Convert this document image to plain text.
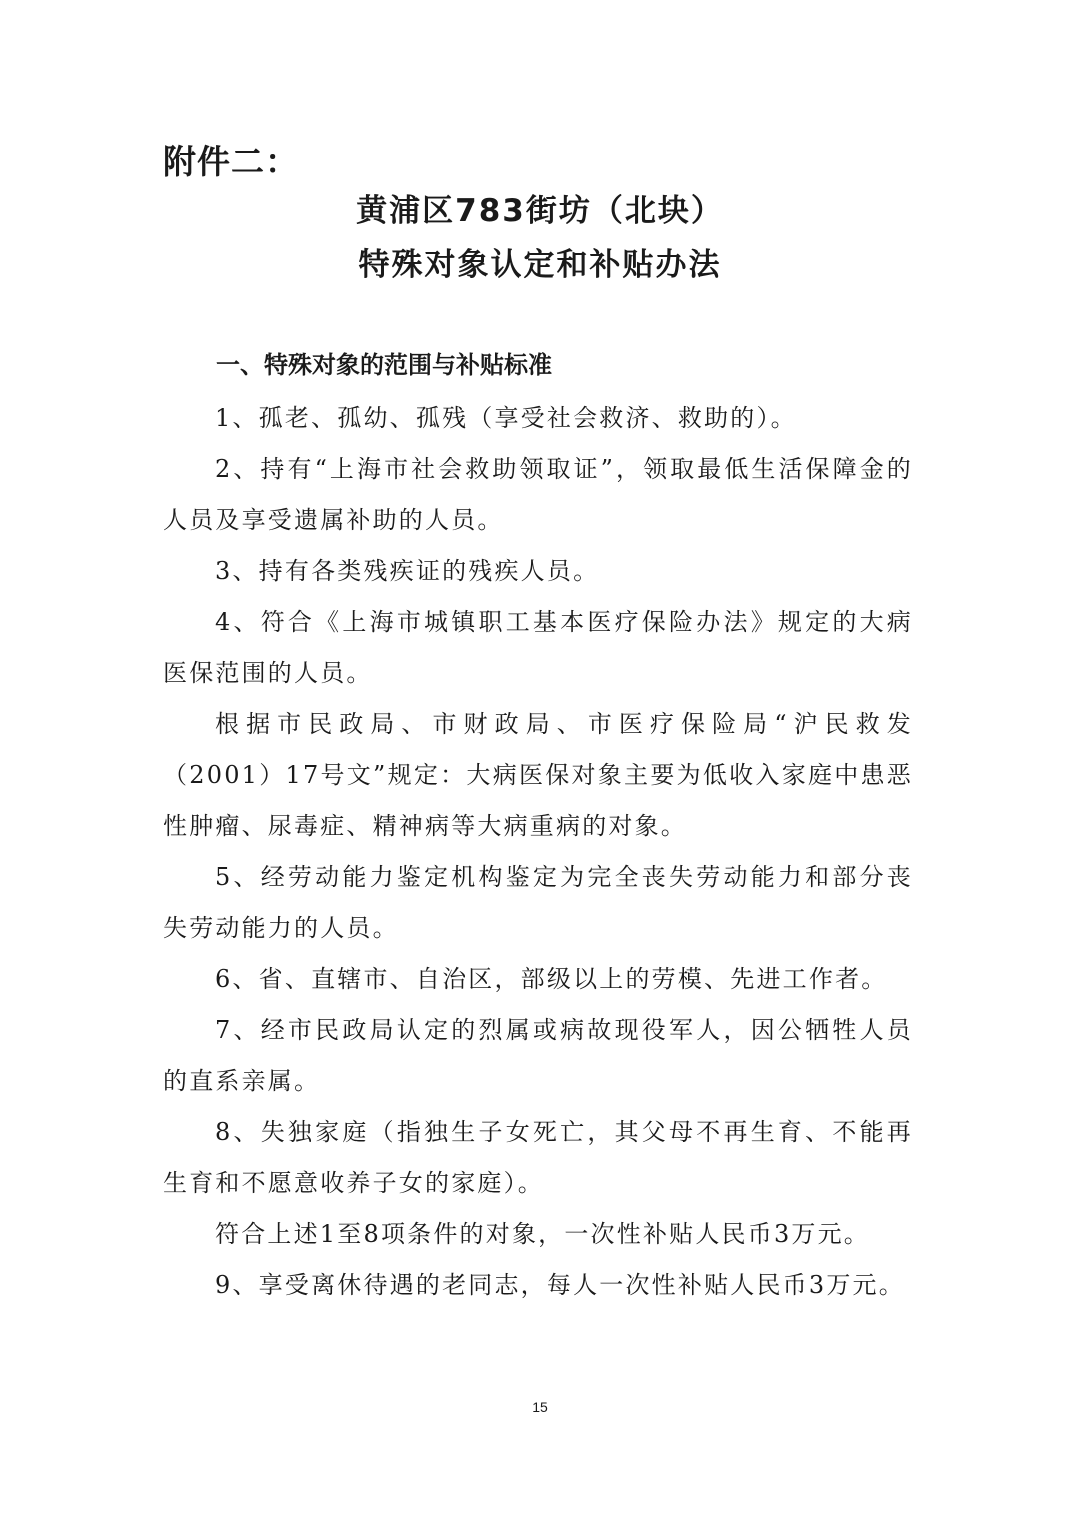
附件二：
黄浦区783街坊（北块）
特殊对象认定和补贴办法
一、特殊对象的范围与补贴标准

1、孤老、孤幼、孤残（享受社会救济、救助的）。

2、持有“上海市社会救助领取证”，领取最低生活保障金的人员及享受遗属补助的人员。

3、持有各类残疾证的残疾人员。

4、符合《上海市城镇职工基本医疗保险办法》规定的大病医保范围的人员。

根据市民政局、市财政局、市医疗保险局“沪民救发（2001）17号文”规定：大病医保对象主要为低收入家庭中患恶性肿瘤、尿毒症、精神病等大病重病的对象。

5、经劳动能力鉴定机构鉴定为完全丧失劳动能力和部分丧失劳动能力的人员。

6、省、直辖市、自治区，部级以上的劳模、先进工作者。

7、经市民政局认定的烈属或病故现役军人，因公牺牲人员的直系亲属。

8、失独家庭（指独生子女死亡，其父母不再生育、不能再生育和不愿意收养子女的家庭）。

符合上述1至8项条件的对象，一次性补贴人民币3万元。

9、享受离休待遇的老同志，每人一次性补贴人民币3万元。

15
